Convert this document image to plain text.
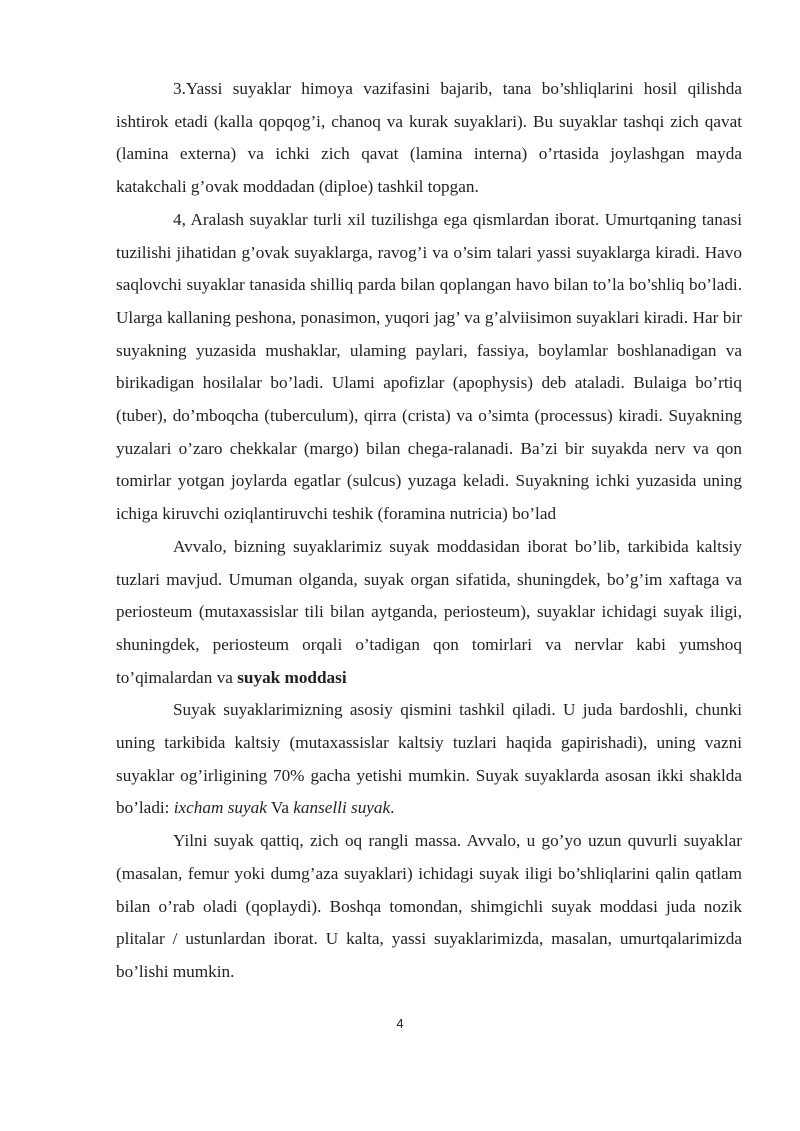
3.Yassi suyaklar himoya vazifasini bajarib, tana bo’shliqlarini hosil qilishda ishtirok etadi (kalla qopqog’i, chanoq va kurak suyaklari). Bu suyaklar tashqi zich qavat (lamina externa) va ichki zich qavat (lamina interna) o’rtasida joylashgan mayda katakchali g’ovak moddadan (diploe) tashkil topgan.

4, Aralash suyaklar turli xil tuzilishga ega qismlardan iborat. Umurtqaning tanasi tuzilishi jihatidan g’ovak suyaklarga, ravog’i va o’sim talari yassi suyaklarga kiradi. Havo saqlovchi suyaklar tanasida shilliq parda bilan qoplangan havo bilan to’la bo’shliq bo’ladi. Ularga kallaning peshona, ponasimon, yuqori jag’ va g’alviisimon suyaklari kiradi. Har bir suyakning yuzasida mushaklar, ulaming paylari, fassiya, boylamlar boshlanadigan va birikadigan hosilalar bo’ladi. Ulami apofizlar (apophysis) deb ataladi. Bulaiga bo’rtiq (tuber), do’mboqcha (tuberculum), qirra (crista) va o’simta (processus) kiradi. Suyakning yuzalari o’zaro chekkalar (margo) bilan chega-ralanadi. Ba’zi bir suyakda nerv va qon tomirlar yotgan joylarda egatlar (sulcus) yuzaga keladi. Suyakning ichki yuzasida uning ichiga kiruvchi oziqlantiruvchi teshik (foramina nutricia) bo’lad

Avvalo, bizning suyaklarimiz suyak moddasidan iborat bo’lib, tarkibida kaltsiy tuzlari mavjud. Umuman olganda, suyak organ sifatida, shuningdek, bo’g’im xaftaga va periosteum (mutaxassislar tili bilan aytganda, periosteum), suyaklar ichidagi suyak iligi, shuningdek, periosteum orqali o’tadigan qon tomirlari va nervlar kabi yumshoq to’qimalardan va suyak moddasi

Suyak suyaklarimizning asosiy qismini tashkil qiladi. U juda bardoshli, chunki uning tarkibida kaltsiy (mutaxassislar kaltsiy tuzlari haqida gapirishadi), uning vazni suyaklar og’irligining 70% gacha yetishi mumkin. Suyak suyaklarda asosan ikki shaklda bo’ladi: ixcham suyak Va kanselli suyak.

Yilni suyak qattiq, zich oq rangli massa. Avvalo, u go’yo uzun quvurli suyaklar (masalan, femur yoki dumg’aza suyaklari) ichidagi suyak iligi bo’shliqlarini qalin qatlam bilan o’rab oladi (qoplaydi). Boshqa tomondan, shimgichli suyak moddasi juda nozik plitalar / ustunlardan iborat. U kalta, yassi suyaklarimizda, masalan, umurtqalarimizda bo’lishi mumkin.

4
